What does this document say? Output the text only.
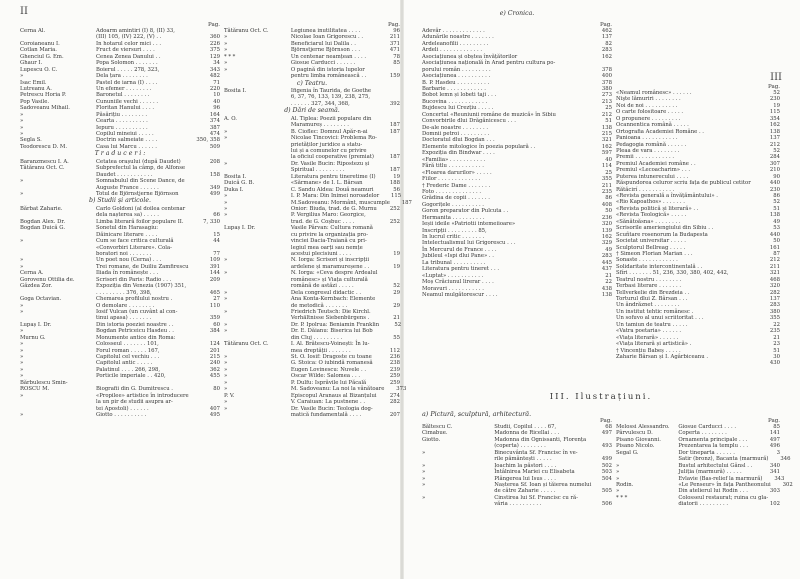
II
Pag.
Cerna Al.	Adoarm amintiri (I) 8, (II) 33,
(III) 105, (IV) 222, (V) . .	360
Coroianeanu I.	In hotarul celor mici . . .	226
Cotlan Maria.	Fruct de viersuri . . . .	375
Ghenciul G. Em.	Cenea Zenea Danului . .	129
Ghaur I.	Popa Solomon . . . . . . .	34
Lupescu O. C.	Boierul . . . . . 278, 323,	343
»	Dela țara . . . . . . . .	482
Isac Emil.	Pastel de iarna (I) . . . .	71
Lutreanu A.	Un efemer . . . . . . . .	220
Petrescu Horia P.	Baronetul . . . . . . . .	10
Pop Vasile.	Cununiile vechi . . . . . .	40
Sadoveanu Mihail.	Floritan Hanului . . . .	96
»	Păsărițiu . . . . . . . .	164
»	Cearta . . . . . . . . . .	374
»	Iepuru . . . . . . . . . .	387
»	Copilul mineiui . . . . .	474
Segla S.	Doctrin salmeiate . . . .	350, 358
Teodorescu D. M.	Casa lui Marcu . . . . . .	509
T r a d u c e r i :
Baranzmescu I. A.	Cetatea orașului (după Daudet)	208
Tătăranu Oct. C.	Subprefectul la câmp, de Alfonse
Daudet . . . . . . . . . . .	158
»	Somnabulul din Scene Dance, de
Auguste France . . . . . .	349
»	Totul de Björnstjerne Björnson	499
b) Studii și articole.
Bărbat Zaharie.	Carlo Goldoni (al doilea centenar
dela nașterea sa) . . . . .	66
Bogdan Alex. Dr.	Limba literară foilor populare II.	7, 330
Bogdan Duică G.	Sonetul din Harasagiu:
Dăinicare literare . . . .	15
»	Cum se face critica culturală	44
«Convorbiri Literare». Cola-
boratori noi . . . . . . .	77
»	Un poet nou (Cerna) . . .	109
»	Trei romane, de Duiliu Zamfirescu	391
Cerna A.	Iliada în românește . . .	144
Gorovenu Ottilia de.	Scrisori din Paris: Radio . . .	209
Găzdea Zor.	Expoziția din Venezia (1907) 351,
. . . . . . . . . 376, 398,	465
Goga Octavian.	Chemarea profilului nostru .	27
»	O demolare . . . . . . . .	110
»	Iosif Vulcan (un cuvânt al con-
tinui apasa) . . . . . . .	359
Lupaș I. Dr.	Din istoria poeziei noastre . .	60
»	Bogdan Petriceicu Hasdeu . .	384
Murnu G.	Monumente antice din Roma:
»	Colosseul . . . . . . . 101,	124
»	Forul roman . . . . . 167,	201
»	Capitolul cel vechiu . . .	215
»	Capitolul antic . . . . .	240
»	Palatinul . . . . 266, 298,	362
»	Porticile imperiale . . 420,	455
Bărbulescu Smin-
ROSCU M.	Biografii din G. Dumitrescu .	80
»	«Propilee» artistice în introducere
la un pir de studii asupra ar-
tei Apostoli) . . . . . .	407
»	Giotto . . . . . . . . . .	495
Pag.
Tătăranu Oct. C.	Legiunea inutilitatea . . . .	96
»	Nicolae Ioan Grigorescu . .	211
»	Beneficiarul lui Dalila . .	371
»	Björnstjerne Björnson . . .	471
* * *	Un centenar neamțean . . . .	78
»	Giosue Carducci . . . . . .	85
»	O pagină din istoria lupelor
pentru limba românească . .	159
c) Teatru.
Bosita I.	Ifigenia în Taurida, de Goethe
6, 37, 76, 133, 139, 238, 275,
. . . . . . 327, 344, 368,	392
d) Dări de seamă.
A. O.	Al. Tiplea: Poezii populare din
Maramureș . . . . . . . .	187
»	B. Cioflec: Domnul Apăr-n-ai	187
»	Nicolae Tincovici: Problema Ro-
prietăților juridice a statu-
lui și a comunelor cu privire
la oficiul cooperative (premiat)	187
»	Dr. Vasile Bucin: Ripostezu și
Spiritual . . . . . . . . .	187
Bosita I.	Literatura pentru tineretime (I)	19
Duică G. B.	«Sărmane» de I. L. Bârsan	188
Duka I.	C. Sandu Aldea: Două neamuri	56
»	I. P. Mara: Din Inimei noroadelor	115
»	M.Sadoveanu: Mormânt, muscumple	187
»	Onior: Biuda, trad. de G. Murnu	252
»	P. Vergilius Maro: Georgice,
trad. de G. Coșbuc . . . .	252
Lupaș I. Dr.	Vasile Pârvan: Cultura romană
cu privire la organizația pro-
vinciei Dacia-Traiană cu pri-
legiul mea oarți sau nemțe
acestui plecisiuni . . . .	19
»	N. Iorga: Scrisori și inscripții
ardelene și maramureșene . .	19
»	N. Iorga: «Ceva despre Ardealul
românesc» și Viața culturală
românã de astăzi . . . . .	52
»	Dela congresul didactic . .	29
»	Ana Konta-Kernbach: Elemente
de metodică . . . . . . .	29
»	Friedrich Teutsch: Die Kirchl.
Verhältnisse Siebenbürgens .	21
»	Dr. P. Ipolrua: Beniamin Franklin	52
»	Dr. E. Dăianu: Biserica lui Bob
din Cluj . . . . . . . . .	55
Tătăranu Oct. C.	I. Al. Brătescu-Voinești: În lu-
mea dreptății . . . . . . .	112
»	St. O. Iosif: Dragoste cu toane	236
»	G. Stoica: O iubindă romanesă	238
»	Eugen Lovinescu: Nuvele . .	239
»	Oscar Wilde: Salomea . . .	259
»	P. Dulfu: Isprăvile lui Păcală	259
»	M. Sadoveanu: La noi la vânătoare	373
P. V.	Episcopul Aranaus al Bizanțului	274
»	V. Caraiuan: La pustnene . .	282
»	Dr. Vasile Bucin: Teologia dog-
matică fundamentală . . . .	207
III
e) Cronica.
Pag.
Adevăr . . . . . . . . . . . . .	462
Adunările noastre . . . . . . .	137
Ardeleanofilii . . . . . . . . .	82
Ardeli . . . . . . . . . . . . .	283
Asociațiunea și obștea învățătorilor	162
Asociațiunea națională în Arad pentru cultura po-
porului român . . . . . . . . .	378
Asociațiunea . . . . . . . . . .	400
B. P. Hasdeu . . . . . . . . . .	378
Barbarie . . . . . . . . . . . .	380
Bobot lemn și lobeti taji . . .	273
Bucovina . . . . . . . . . . . .	213
Bujdescu lui Crezțiu . . . . .	25
Concertul «Reuniunii române de muzică» în Sibiu	212
Convorbirile dlui Drăgănicescu . . .	51
De-ale noastre . . . . . . . .	138
Domnii petroi . . . . . . . . .	215
Doctoratul dlui Bogdan . . .	321
Elemente mitologice în poezia populară . .	162
Expoziția din Bindwar . . . .	597
«Familia» . . . . . . . . . . .	40
Fără titlu . . . . . . . . . . .	114
«Floarea darurilor» . . . . .	25
Fiilor . . . . . . . . . . . . .	355
† Frederic Dame . . . . . . .	211
Foto . . . . . . . . . . . . . .	235
Grădina de copii . . . . . . .	86
Gogorițele . . . . . . . . . .	408
Goron preparator din Pulcuta . .	50
Hermanita . . . . . . . . . .	236
Ieșii ideile «Patriotii intemeiioare»	320
Inscripții . . . . . . . . . 85,	139
In lucrul critic . . . . . . .	162
Intelectualismul lui Grigorescu . . .	329
În Mercurul de France . . . .	49
Jubileul «Ispi dlui Pane» . .	283
La tribunal . . . . . . . . . .	445
Literatura pentru tineret . . .	437
«Luptat» . . . . . . . . . . .	21
Moș Crăciunul lirerar . . . .	22
Moravuri . . . . . . . . . . .	438
Neamul mulgătorescur . . . .	138
Pag.
«Neamul românesc» . . . . . .	52
Nişte lămuriri . . . . . . . .	230
Noi de noi . . . . . . . . . .	19
O carte folositoare . . . . .	115
O propunere . . . . . . . . .	354
Ocannentica românã . . . . .	162
Ortografia Academiei Române . .	138
Panioana . . . . . . . . . . .	137
Pedagogia română . . . . . .	212
Pleaa de vara . . . . . . . .	52
Premii . . . . . . . . . . . .	284
Premiul Academiei române . .	307
Premiul «Lecoacharim» . . .	210
Puterea intunerecului . . . .	90
Răspundorea celuror scriu fața de publicul cetitor	440
Rătăcirí . . . . . . . . . . .	230
«Revista generală a învățământului» .	86
«Rio Kapoathos» . . . . . . .	52
«Revista politică și literară» . .	51
«Revista Teologică» . . . . .	138
«Sănătoăsna» . . . . . . . .	49
Scrisorile ameriengiului din Sibiu . .	53
Scuñtare rosenorum la Budapesta	440
Societat universitar . . . . .	50
Sculptorul Bellreag . . . . .	161
† Simeon Florian Marian . . .	87
Sonaste . . . . . . . . . . . .	212
Solidaritate intercontinentală . .	211
Sfíri . . . . . . . 51, 236, 330, 380, 402, 442,	321
Teatrul nostru . . . . . . . .	468
Terbasi literare . . . . . . .	320
Tellverkelie din Brezdeia . .	282
Torturul dlui Z. Bârsan . . .	137
Un ândrăznet . . . . . . . .	283
Un institut tehtic românesc .	380
Un sofuvo al unui scriitoritat . . .	355
Un tamiun de teatru . . . . .	22
«Vatra poetaria» . . . . . .	235
«Viața literară» . . . . . .	21
«Viața literară și artistică» .	23
† Vincențiu Babeș . . . . .	51
Zaharie Bârsan și I. Agârbiceanu .	30
430
III. Ilustrațiuni.
a) Pictură, sculptură, arhitectură.
Pag.
Băltescu C.	Studii, Copilul . . . . 67,	68
Cimabue.	Madonna de Ricellai . . .	497
Giotto.	Madonna din Ognissanti, Florența
(coperta) . . . . . . . .	493
»	Binecuvânta Sf. Francisc în ve-
rile pământești . . . . .	499
»	Ioachim la păstori . . . .	502
»	Întâlnirea Mariei cu Elisabeta	503
»	Plângerea lui Isus . . . .	504
»	Nașterea Sf. Ioan și tăierea numelui
de către Zaharie . . . . .	505
»	Cinstirea lui Sf. Francisc cu ră-
văria . . . . . . . . . .	506
Pag.
Melossi Alessandro.	Giosue Carducci . . . .	85
Pârvulescu D.	Coperta . . . . . . . .	141
Pisano Giovanni.	Ornamenta principale . . .	497
Pisano Nicolo.	Prezentarea la templu . . .	496
Segal G.	Dor tineparta . . . . . .	3
Satir (bronz), Bacanta (marmură)	346
»	Bustul arhitectului Gânsl . .	340
»	Juliția (marmură) . . . . .	341
»	Evlavie (Bas-relief la marmură)	343
Rodin.	«Le Penseur» în fața Pantheonului	302
»	Din atelierul lui Rodin . . .	303
* * *	Colosseul restaurat; ruina cu gla-
diatorii . . . . . . . . .	102
